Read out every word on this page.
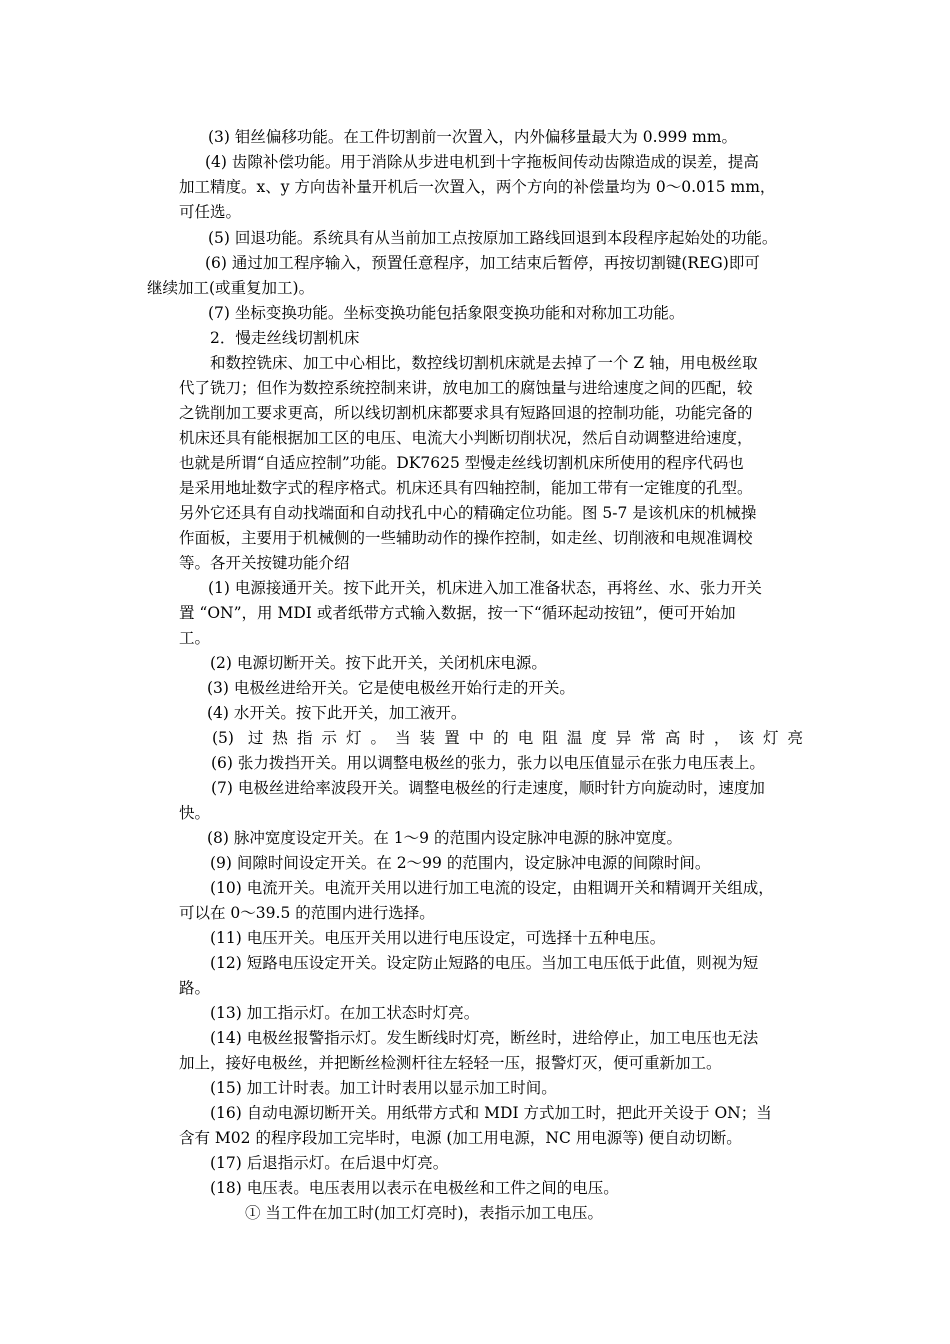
(3) 钼丝偏移功能。在工件切割前一次置入，内外偏移量最大为 0.999 mm。
(4) 齿隙补偿功能。用于消除从步进电机到十字拖板间传动齿隙造成的误差，提高
加工精度。x、y 方向齿补量开机后一次置入，两个方向的补偿量均为 0～0.015 mm，
可任选。
(5) 回退功能。系统具有从当前加工点按原加工路线回退到本段程序起始处的功能。
(6) 通过加工程序输入，预置任意程序，加工结束后暂停，再按切割键(REG)即可
继续加工(或重复加工)。
(7) 坐标变换功能。坐标变换功能包括象限变换功能和对称加工功能。
2．慢走丝线切割机床
和数控铣床、加工中心相比，数控线切割机床就是去掉了一个 Z 轴，用电极丝取
代了铣刀；但作为数控系统控制来讲，放电加工的腐蚀量与进给速度之间的匹配，较
之铣削加工要求更高，所以线切割机床都要求具有短路回退的控制功能，功能完备的
机床还具有能根据加工区的电压、电流大小判断切削状况，然后自动调整进给速度，
也就是所谓“自适应控制”功能。DK7625 型慢走丝线切割机床所使用的程序代码也
是采用地址数字式的程序格式。机床还具有四轴控制，能加工带有一定锥度的孔型。
另外它还具有自动找端面和自动找孔中心的精确定位功能。图 5-7 是该机床的机械操
作面板，主要用于机械侧的一些辅助动作的操作控制，如走丝、切削液和电规准调校
等。各开关按键功能介绍
(1) 电源接通开关。按下此开关，机床进入加工准备状态，再将丝、水、张力开关
置 “ON”，用 MDI 或者纸带方式输入数据，按一下“循环起动按钮”，便可开始加
工。
(2) 电源切断开关。按下此开关，关闭机床电源。
(3) 电极丝进给开关。它是使电极丝开始行走的开关。
(4) 水开关。按下此开关，加工液开。
(5) 过热指示灯。当装置中的电阻温度异常高时，该灯亮
(6) 张力拨挡开关。用以调整电极丝的张力，张力以电压值显示在张力电压表上。
(7) 电极丝进给率波段开关。调整电极丝的行走速度，顺时针方向旋动时，速度加
快。
(8) 脉冲宽度设定开关。在 1～9 的范围内设定脉冲电源的脉冲宽度。
(9) 间隙时间设定开关。在 2～99 的范围内，设定脉冲电源的间隙时间。
(10) 电流开关。电流开关用以进行加工电流的设定，由粗调开关和精调开关组成，
可以在 0～39.5 的范围内进行选择。
(11) 电压开关。电压开关用以进行电压设定，可选择十五种电压。
(12) 短路电压设定开关。设定防止短路的电压。当加工电压低于此值，则视为短
路。
(13) 加工指示灯。在加工状态时灯亮。
(14) 电极丝报警指示灯。发生断线时灯亮，断丝时，进给停止，加工电压也无法
加上，接好电极丝，并把断丝检测杆往左轻轻一压，报警灯灭，便可重新加工。
(15) 加工计时表。加工计时表用以显示加工时间。
(16) 自动电源切断开关。用纸带方式和 MDI 方式加工时，把此开关设于 ON；当
含有 M02 的程序段加工完毕时，电源 (加工用电源，NC 用电源等) 便自动切断。
(17) 后退指示灯。在后退中灯亮。
(18) 电压表。电压表用以表示在电极丝和工件之间的电压。
① 当工件在加工时(加工灯亮时)，表指示加工电压。
